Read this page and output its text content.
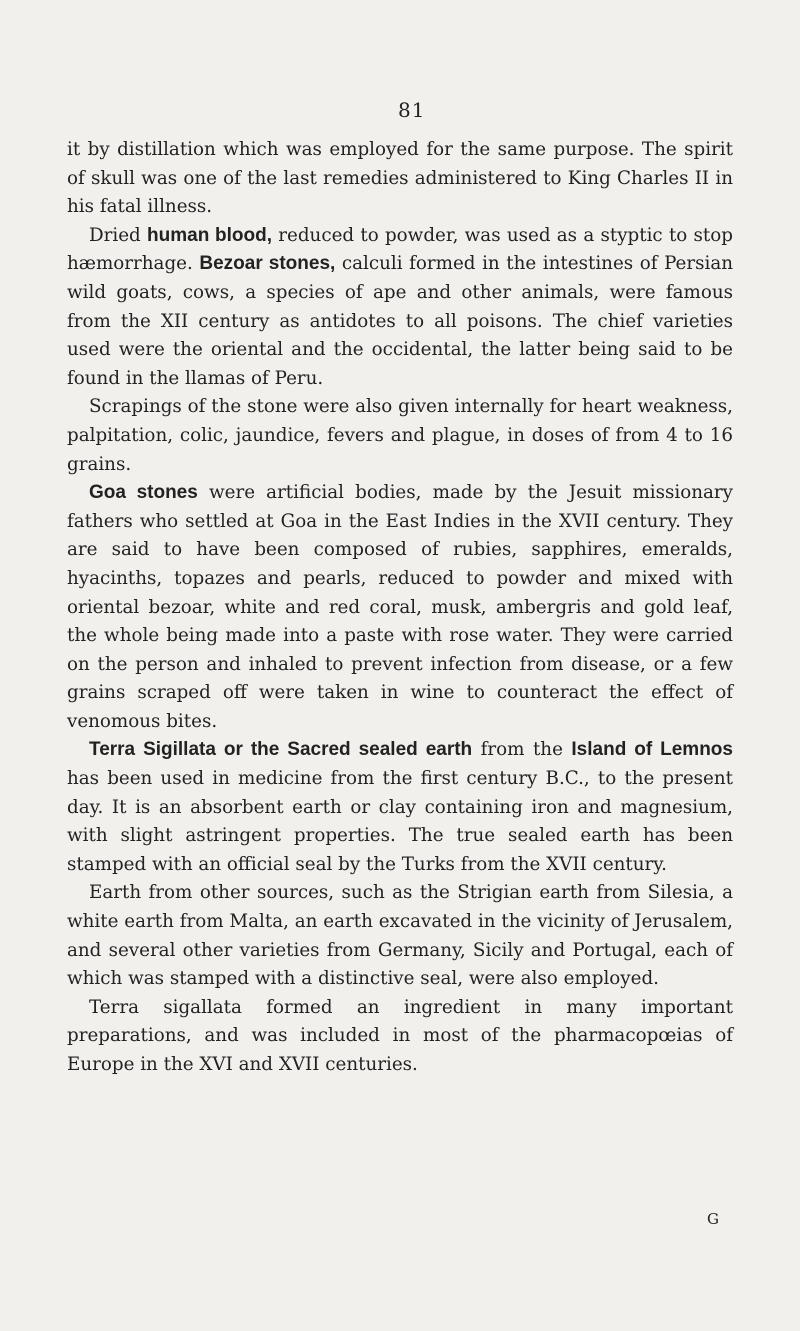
81

it by distillation which was employed for the same purpose. The spirit of skull was one of the last remedies administered to King Charles II in his fatal illness.

Dried human blood, reduced to powder, was used as a styptic to stop hæmorrhage. Bezoar stones, calculi formed in the intestines of Persian wild goats, cows, a species of ape and other animals, were famous from the XII century as antidotes to all poisons. The chief varieties used were the oriental and the occidental, the latter being said to be found in the llamas of Peru.

Scrapings of the stone were also given internally for heart weakness, palpitation, colic, jaundice, fevers and plague, in doses of from 4 to 16 grains.

Goa stones were artificial bodies, made by the Jesuit missionary fathers who settled at Goa in the East Indies in the XVII century. They are said to have been composed of rubies, sapphires, emeralds, hyacinths, topazes and pearls, reduced to powder and mixed with oriental bezoar, white and red coral, musk, ambergris and gold leaf, the whole being made into a paste with rose water. They were carried on the person and inhaled to prevent infection from disease, or a few grains scraped off were taken in wine to counteract the effect of venomous bites.

Terra Sigillata or the Sacred sealed earth from the Island of Lemnos has been used in medicine from the first century B.C., to the present day. It is an absorbent earth or clay containing iron and magnesium, with slight astringent properties. The true sealed earth has been stamped with an official seal by the Turks from the XVII century.

Earth from other sources, such as the Strigian earth from Silesia, a white earth from Malta, an earth excavated in the vicinity of Jerusalem, and several other varieties from Germany, Sicily and Portugal, each of which was stamped with a distinctive seal, were also employed.

Terra sigallata formed an ingredient in many important preparations, and was included in most of the pharmacopœias of Europe in the XVI and XVII centuries.

G
